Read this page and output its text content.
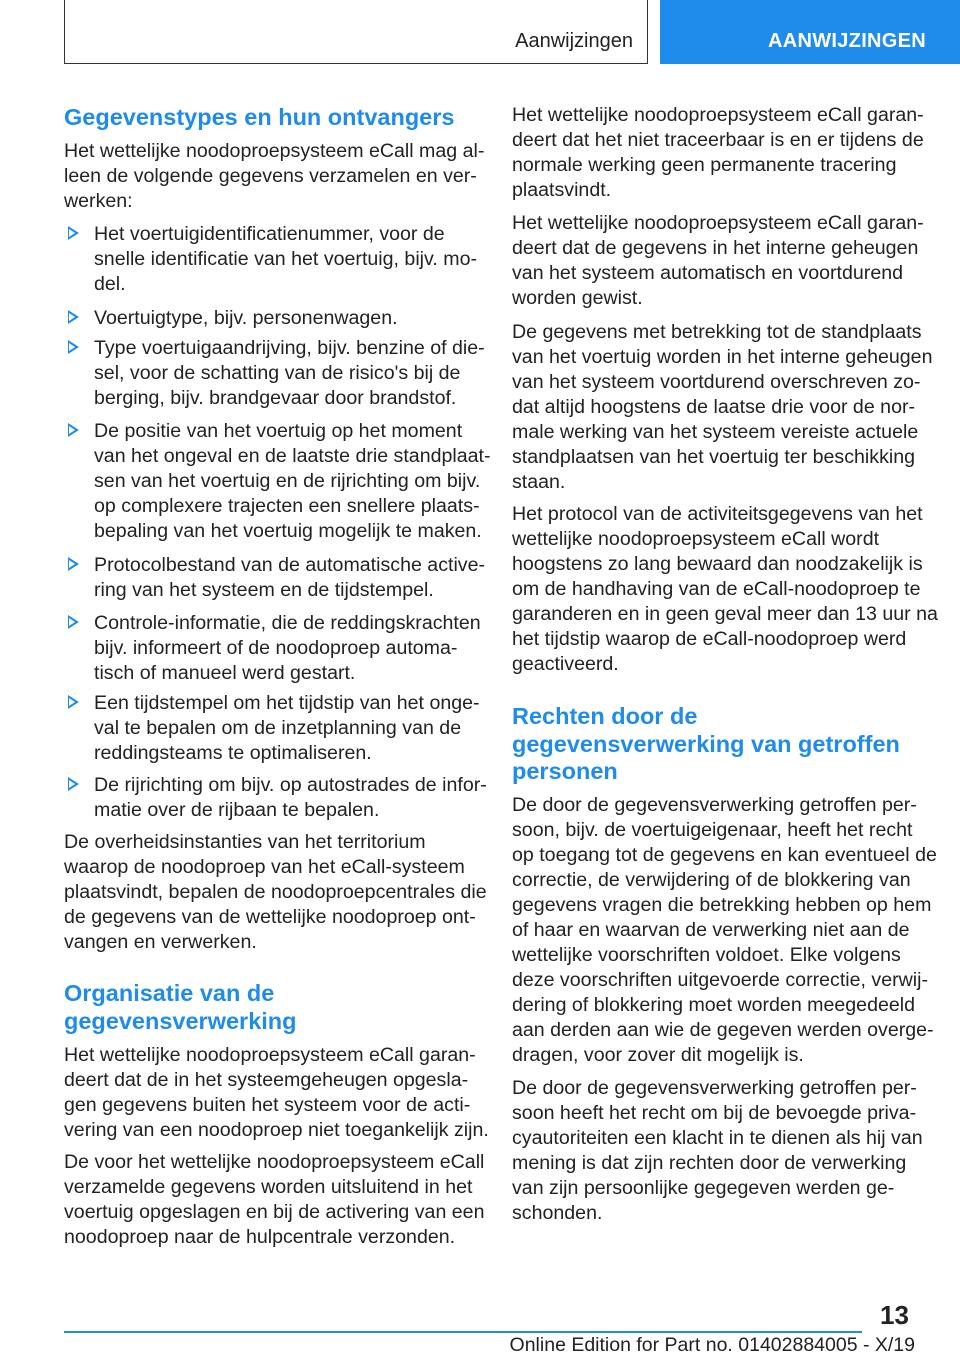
Aanwijzingen	AANWIJZINGEN
Gegevenstypes en hun ontvangers

Het wettelijke noodoproepsysteem eCall mag al‐
leen de volgende gegevens verzamelen en ver‐
werken:

Het voertuigidentificatienummer, voor de
snelle identificatie van het voertuig, bijv. mo‐
del.
Voertuigtype, bijv. personenwagen.
Type voertuigaandrijving, bijv. benzine of die‐
sel, voor de schatting van de risico's bij de
berging, bijv. brandgevaar door brandstof.
De positie van het voertuig op het moment
van het ongeval en de laatste drie standplaat‐
sen van het voertuig en de rijrichting om bijv.
op complexere trajecten een snellere plaats‐
bepaling van het voertuig mogelijk te maken.
Protocolbestand van de automatische active‐
ring van het systeem en de tijdstempel.
Controle-informatie, die de reddingskrachten
bijv. informeert of de noodoproep automa‐
tisch of manueel werd gestart.
Een tijdstempel om het tijdstip van het onge‐
val te bepalen om de inzetplanning van de
reddingsteams te optimaliseren.
De rijrichting om bijv. op autostrades de infor‐
matie over de rijbaan te bepalen.

De overheidsinstanties van het territorium
waarop de noodoproep van het eCall-systeem
plaatsvindt, bepalen de noodoproepcentrales die
de gegevens van de wettelijke noodoproep ont‐
vangen en verwerken.

Organisatie van de
gegevensverwerking

Het wettelijke noodoproepsysteem eCall garan‐
deert dat de in het systeemgeheugen opgesla‐
gen gegevens buiten het systeem voor de acti‐
vering van een noodoproep niet toegankelijk zijn.

De voor het wettelijke noodoproepsysteem eCall
verzamelde gegevens worden uitsluitend in het
voertuig opgeslagen en bij de activering van een
noodoproep naar de hulpcentrale verzonden.

Het wettelijke noodoproepsysteem eCall garan‐
deert dat het niet traceerbaar is en er tijdens de
normale werking geen permanente tracering
plaatsvindt.

Het wettelijke noodoproepsysteem eCall garan‐
deert dat de gegevens in het interne geheugen
van het systeem automatisch en voortdurend
worden gewist.

De gegevens met betrekking tot de standplaats
van het voertuig worden in het interne geheugen
van het systeem voortdurend overschreven zo‐
dat altijd hoogstens de laatse drie voor de nor‐
male werking van het systeem vereiste actuele
standplaatsen van het voertuig ter beschikking
staan.

Het protocol van de activiteitsgegevens van het
wettelijke noodoproepsysteem eCall wordt
hoogstens zo lang bewaard dan noodzakelijk is
om de handhaving van de eCall-noodoproep te
garanderen en in geen geval meer dan 13 uur na
het tijdstip waarop de eCall-noodoproep werd
geactiveerd.

Rechten door de
gegevensverwerking van getroffen
personen

De door de gegevensverwerking getroffen per‐
soon, bijv. de voertuigeigenaar, heeft het recht
op toegang tot de gegevens en kan eventueel de
correctie, de verwijdering of de blokkering van
gegevens vragen die betrekking hebben op hem
of haar en waarvan de verwerking niet aan de
wettelijke voorschriften voldoet. Elke volgens
deze voorschriften uitgevoerde correctie, verwij‐
dering of blokkering moet worden meegedeeld
aan derden aan wie de gegeven werden overge‐
dragen, voor zover dit mogelijk is.

De door de gegevensverwerking getroffen per‐
soon heeft het recht om bij de bevoegde priva‐
cyautoriteiten een klacht in te dienen als hij van
mening is dat zijn rechten door de verwerking
van zijn persoonlijke gegegeven werden ge‐
schonden.

13
Online Edition for Part no. 01402884005 - X/19
